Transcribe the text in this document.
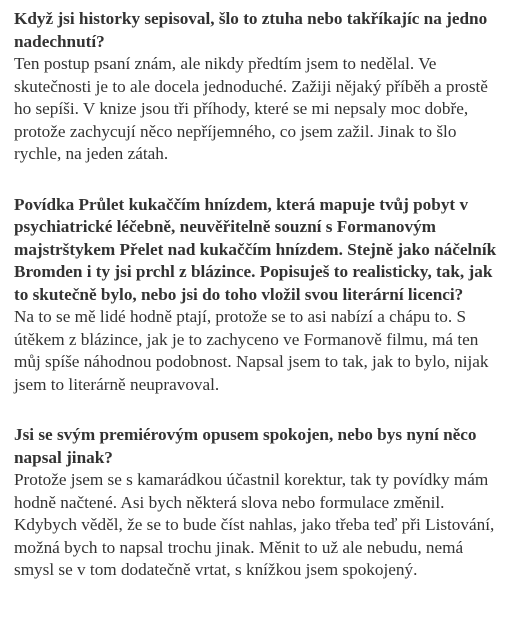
Když jsi historky sepisoval, šlo to ztuha nebo takříkajíc na jedno nadechnutí?

Ten postup psaní znám, ale nikdy předtím jsem to nedělal. Ve skutečnosti je to ale docela jednoduché. Zažiji nějaký příběh a prostě ho sepíši. V knize jsou tři příhody, které se mi nepsaly moc dobře, protože zachycují něco nepříjemného, co jsem zažil. Jinak to šlo rychle, na jeden zátah.

Povídka Průlet kukaččím hnízdem, která mapuje tvůj pobyt v psychiatrické léčebně, neuvěřitelně souzní s Formanovým majstrštykem Přelet nad kukaččím hnízdem. Stejně jako náčelník Bromden i ty jsi prchl z blázince. Popisuješ to realisticky, tak, jak to skutečně bylo, nebo jsi do toho vložil svou literární licenci?

Na to se mě lidé hodně ptají, protože se to asi nabízí a chápu to. S útěkem z blázince, jak je to zachyceno ve Formanově filmu, má ten můj spíše náhodnou podobnost. Napsal jsem to tak, jak to bylo, nijak jsem to literárně neupravoval.

Jsi se svým premiérovým opusem spokojen, nebo bys nyní něco napsal jinak?

Protože jsem se s kamarádkou účastnil korektur, tak ty povídky mám hodně načtené. Asi bych některá slova nebo formulace změnil. Kdybych věděl, že se to bude číst nahlas, jako třeba teď při Listování, možná bych to napsal trochu jinak. Měnit to už ale nebudu, nemá smysl se v tom dodatečně vrtat, s knížkou jsem spokojený.
